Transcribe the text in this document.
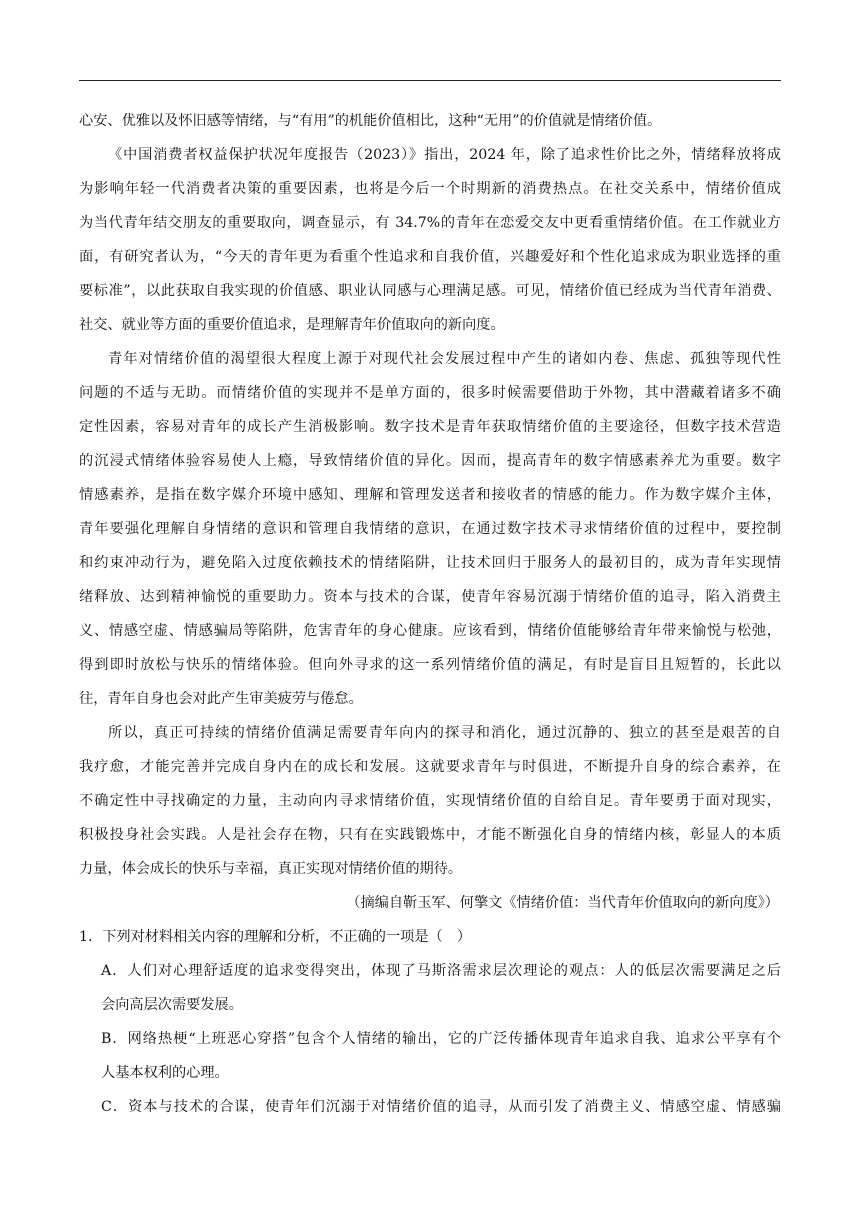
心安、优雅以及怀旧感等情绪，与“有用”的机能价值相比，这种“无用”的价值就是情绪价值。
《中国消费者权益保护状况年度报告（2023）》指出，2024 年，除了追求性价比之外，情绪释放将成
为影响年轻一代消费者决策的重要因素，也将是今后一个时期新的消费热点。在社交关系中，情绪价值成
为当代青年结交朋友的重要取向，调查显示，有 34.7%的青年在恋爱交友中更看重情绪价值。在工作就业方
面，有研究者认为，“今天的青年更为看重个性追求和自我价值，兴趣爱好和个性化追求成为职业选择的重
要标准”，以此获取自我实现的价值感、职业认同感与心理满足感。可见，情绪价值已经成为当代青年消费、
社交、就业等方面的重要价值追求，是理解青年价值取向的新向度。
青年对情绪价值的渴望很大程度上源于对现代社会发展过程中产生的诸如内卷、焦虑、孤独等现代性
问题的不适与无助。而情绪价值的实现并不是单方面的，很多时候需要借助于外物，其中潜藏着诸多不确
定性因素，容易对青年的成长产生消极影响。数字技术是青年获取情绪价值的主要途径，但数字技术营造
的沉浸式情绪体验容易使人上瘾，导致情绪价值的异化。因而，提高青年的数字情感素养尤为重要。数字
情感素养，是指在数字媒介环境中感知、理解和管理发送者和接收者的情感的能力。作为数字媒介主体，
青年要强化理解自身情绪的意识和管理自我情绪的意识，在通过数字技术寻求情绪价值的过程中，要控制
和约束冲动行为，避免陷入过度依赖技术的情绪陷阱，让技术回归于服务人的最初目的，成为青年实现情
绪释放、达到精神愉悦的重要助力。资本与技术的合谋，使青年容易沉溺于情绪价值的追寻，陷入消费主
义、情感空虚、情感骗局等陷阱，危害青年的身心健康。应该看到，情绪价值能够给青年带来愉悦与松弛，
得到即时放松与快乐的情绪体验。但向外寻求的这一系列情绪价值的满足，有时是盲目且短暂的，长此以
往，青年自身也会对此产生审美疲劳与倦怠。
所以，真正可持续的情绪价值满足需要青年向内的探寻和消化，通过沉静的、独立的甚至是艰苦的自
我疗愈，才能完善并完成自身内在的成长和发展。这就要求青年与时俱进，不断提升自身的综合素养，在
不确定性中寻找确定的力量，主动向内寻求情绪价值，实现情绪价值的自给自足。青年要勇于面对现实，
积极投身社会实践。人是社会存在物，只有在实践锻炼中，才能不断强化自身的情绪内核，彰显人的本质
力量，体会成长的快乐与幸福，真正实现对情绪价值的期待。
（摘编自靳玉军、何擎文《情绪价值：当代青年价值取向的新向度》）
1．下列对材料相关内容的理解和分析，不正确的一项是（　）
A．人们对心理舒适度的追求变得突出，体现了马斯洛需求层次理论的观点：人的低层次需要满足之后
会向高层次需要发展。
B．网络热梗“上班恶心穿搭”包含个人情绪的输出，它的广泛传播体现青年追求自我、追求公平享有个
人基本权利的心理。
C．资本与技术的合谋，使青年们沉溺于对情绪价值的追寻，从而引发了消费主义、情感空虚、情感骗
